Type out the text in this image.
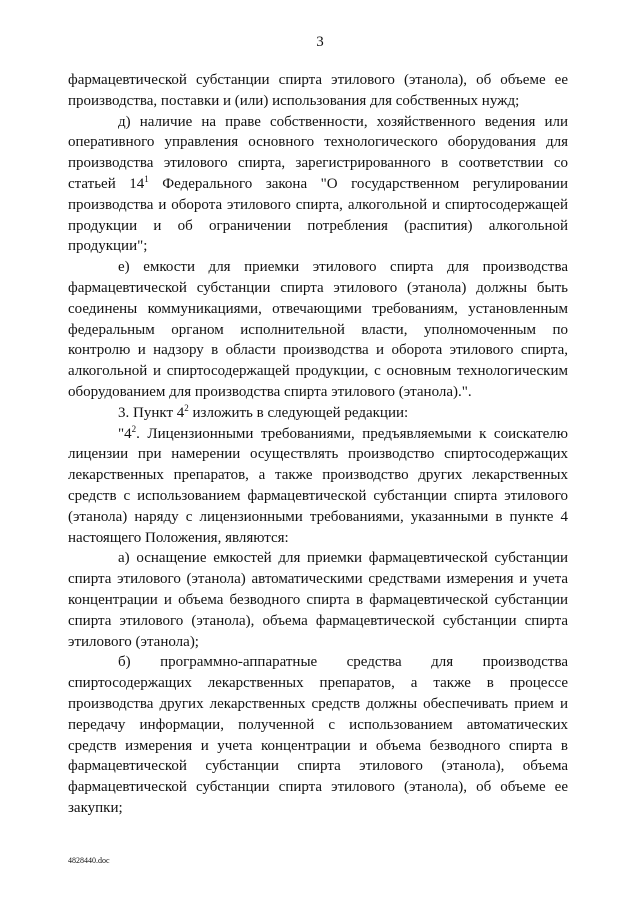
3

фармацевтической субстанции спирта этилового (этанола), об объеме ее производства, поставки и (или) использования для собственных нужд;

д) наличие на праве собственности, хозяйственного ведения или оперативного управления основного технологического оборудования для производства этилового спирта, зарегистрированного в соответствии со статьей $14^1$ Федерального закона "О государственном регулировании производства и оборота этилового спирта, алкогольной и спиртосодержащей продукции и об ограничении потребления (распития) алкогольной продукции";

е) емкости для приемки этилового спирта для производства фармацевтической субстанции спирта этилового (этанола) должны быть соединены коммуникациями, отвечающими требованиям, установленным федеральным органом исполнительной власти, уполномоченным по контролю и надзору в области производства и оборота этилового спирта, алкогольной и спиртосодержащей продукции, с основным технологическим оборудованием для производства спирта этилового (этанола).".

3. Пункт $4^2$ изложить в следующей редакции:

"$4^2$. Лицензионными требованиями, предъявляемыми к соискателю лицензии при намерении осуществлять производство спиртосодержащих лекарственных препаратов, а также производство других лекарственных средств с использованием фармацевтической субстанции спирта этилового (этанола) наряду с лицензионными требованиями, указанными в пункте 4 настоящего Положения, являются:

а) оснащение емкостей для приемки фармацевтической субстанции спирта этилового (этанола) автоматическими средствами измерения и учета концентрации и объема безводного спирта в фармацевтической субстанции спирта этилового (этанола), объема фармацевтической субстанции спирта этилового (этанола);

б) программно-аппаратные средства для производства спиртосодержащих лекарственных препаратов, а также в процессе производства других лекарственных средств должны обеспечивать прием и передачу информации, полученной с использованием автоматических средств измерения и учета концентрации и объема безводного спирта в фармацевтической субстанции спирта этилового (этанола), объема фармацевтической субстанции спирта этилового (этанола), об объеме ее закупки;

4828440.doc
